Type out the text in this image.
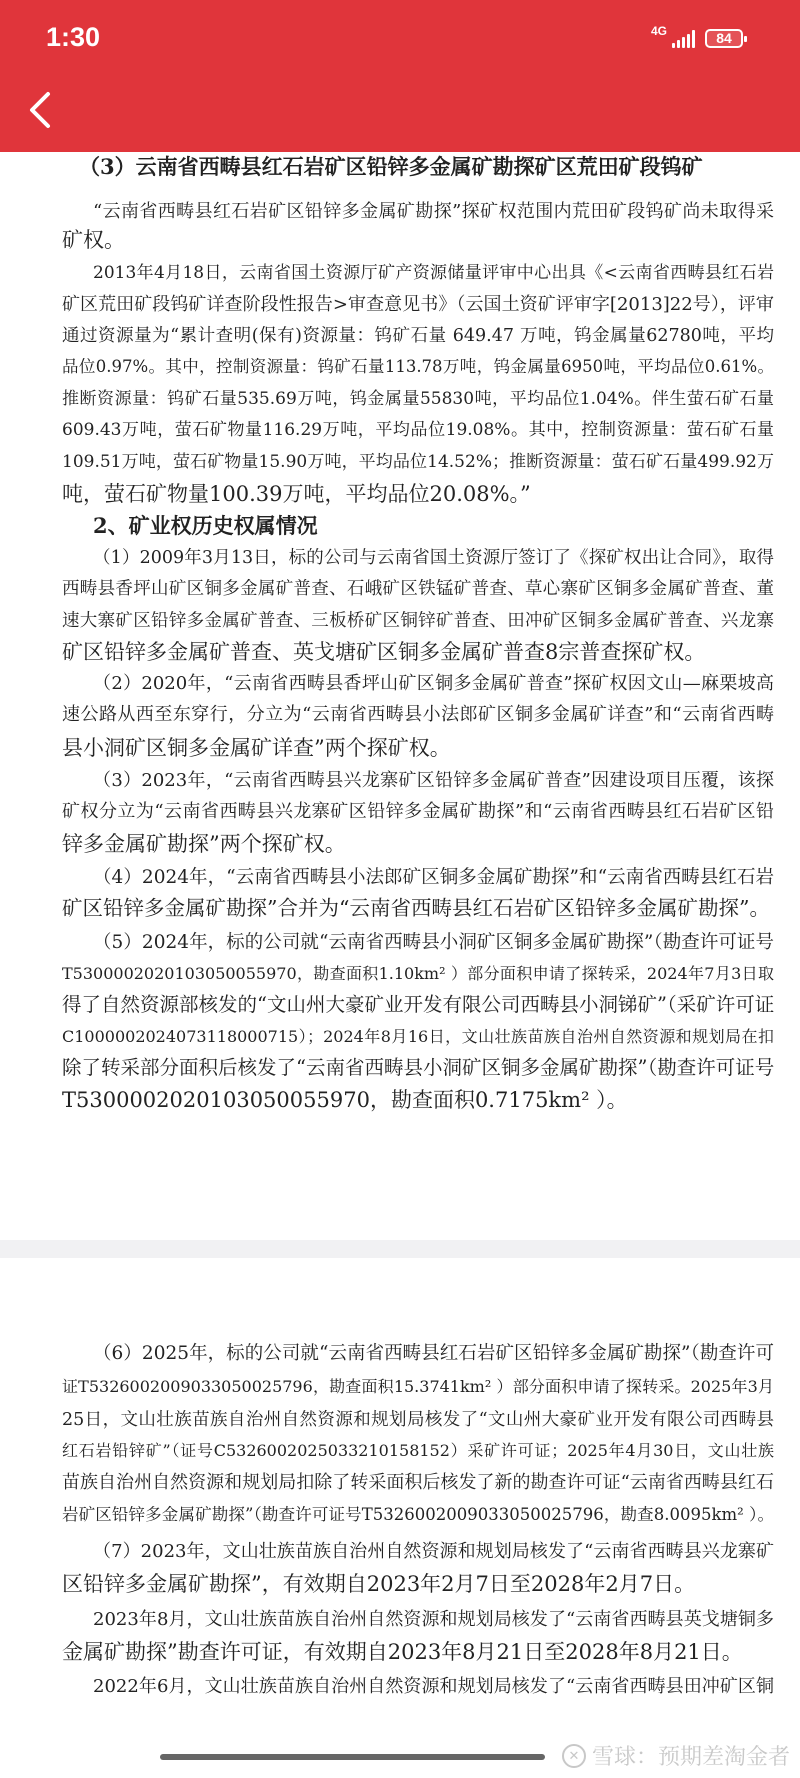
1:30	4G	84
（3）云南省西畴县红石岩矿区铅锌多金属矿勘探矿区荒田矿段钨矿
“云南省西畴县红石岩矿区铅锌多金属矿勘探”探矿权范围内荒田矿段钨矿尚未取得采
矿权。
2013年4月18日，云南省国土资源厅矿产资源储量评审中心出具《<云南省西畴县红石岩
矿区荒田矿段钨矿详查阶段性报告>审查意见书》（云国土资矿评审字[2013]22号），评审
通过资源量为“累计查明(保有)资源量：钨矿石量 649.47 万吨，钨金属量62780吨，平均
品位0.97%。其中，控制资源量：钨矿石量113.78万吨，钨金属量6950吨，平均品位0.61%。
推断资源量：钨矿石量535.69万吨，钨金属量55830吨，平均品位1.04%。伴生萤石矿石量
609.43万吨，萤石矿物量116.29万吨，平均品位19.08%。其中，控制资源量：萤石矿石量
109.51万吨，萤石矿物量15.90万吨，平均品位14.52%；推断资源量：萤石矿石量499.92万
吨，萤石矿物量100.39万吨，平均品位20.08%。”
2、矿业权历史权属情况
（1）2009年3月13日，标的公司与云南省国土资源厅签订了《探矿权出让合同》，取得
西畴县香坪山矿区铜多金属矿普查、石峨矿区铁锰矿普查、草心寨矿区铜多金属矿普查、董
速大寨矿区铅锌多金属矿普查、三板桥矿区铜锌矿普查、田冲矿区铜多金属矿普查、兴龙寨
矿区铅锌多金属矿普查、英戈塘矿区铜多金属矿普查8宗普查探矿权。
（2）2020年，“云南省西畴县香坪山矿区铜多金属矿普查”探矿权因文山—麻栗坡高
速公路从西至东穿行，分立为“云南省西畴县小法郎矿区铜多金属矿详查”和“云南省西畴
县小洞矿区铜多金属矿详查”两个探矿权。
（3）2023年，“云南省西畴县兴龙寨矿区铅锌多金属矿普查”因建设项目压覆，该探
矿权分立为“云南省西畴县兴龙寨矿区铅锌多金属矿勘探”和“云南省西畴县红石岩矿区铅
锌多金属矿勘探”两个探矿权。
（4）2024年，“云南省西畴县小法郎矿区铜多金属矿勘探”和“云南省西畴县红石岩
矿区铅锌多金属矿勘探”合并为“云南省西畴县红石岩矿区铅锌多金属矿勘探”。
（5）2024年，标的公司就“云南省西畴县小洞矿区铜多金属矿勘探”（勘查许可证号
T5300002020103050055970，勘查面积1.10km² ）部分面积申请了探转采，2024年7月3日取
得了自然资源部核发的“文山州大豪矿业开发有限公司西畴县小洞锑矿”（采矿许可证
C1000002024073118000715）；2024年8月16日，文山壮族苗族自治州自然资源和规划局在扣
除了转采部分面积后核发了“云南省西畴县小洞矿区铜多金属矿勘探”（勘查许可证号
T5300002020103050055970，勘查面积0.7175km² ）。
（6）2025年，标的公司就“云南省西畴县红石岩矿区铅锌多金属矿勘探”（勘查许可
证T5326002009033050025796，勘查面积15.3741km² ）部分面积申请了探转采。2025年3月
25日，文山壮族苗族自治州自然资源和规划局核发了“文山州大豪矿业开发有限公司西畴县
红石岩铅锌矿”（证号C5326002025033210158152）采矿许可证；2025年4月30日，文山壮族
苗族自治州自然资源和规划局扣除了转采面积后核发了新的勘查许可证“云南省西畴县红石
岩矿区铅锌多金属矿勘探”（勘查许可证号T5326002009033050025796，勘查8.0095km² ）。
（7）2023年，文山壮族苗族自治州自然资源和规划局核发了“云南省西畴县兴龙寨矿
区铅锌多金属矿勘探”，有效期自2023年2月7日至2028年2月7日。
2023年8月，文山壮族苗族自治州自然资源和规划局核发了“云南省西畴县英戈塘铜多
金属矿勘探”勘查许可证，有效期自2023年8月21日至2028年8月21日。
2022年6月，文山壮族苗族自治州自然资源和规划局核发了“云南省西畴县田冲矿区铜
✕ 雪球：预期差淘金者
